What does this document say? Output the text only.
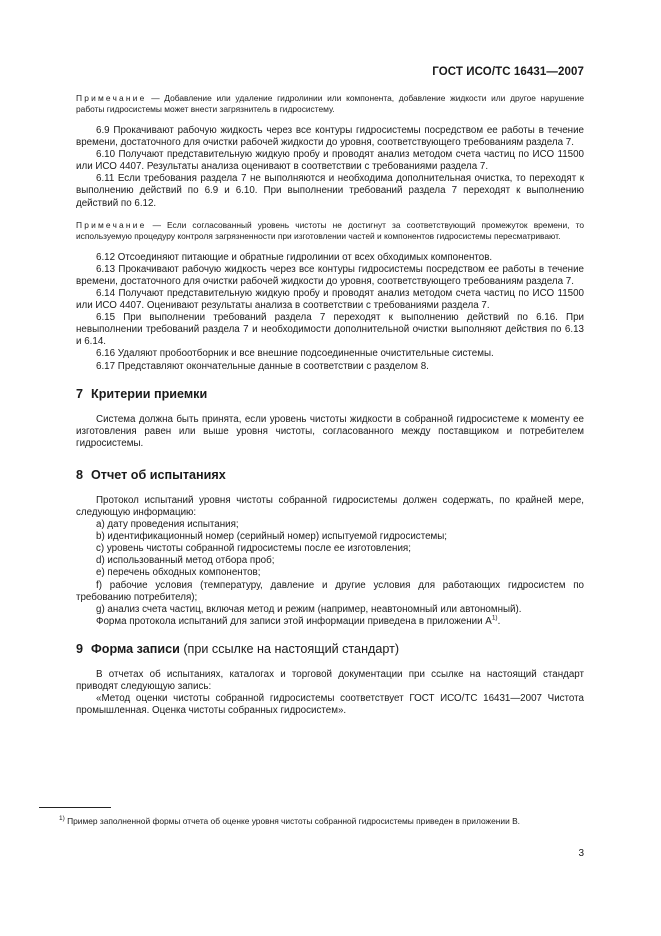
ГОСТ ИСО/ТС 16431—2007

Примечание — Добавление или удаление гидролинии или компонента, добавление жидкости или другое нарушение работы гидросистемы может внести загрязнитель в гидросистему.

6.9 Прокачивают рабочую жидкость через все контуры гидросистемы посредством ее работы в течение времени, достаточного для очистки рабочей жидкости до уровня, соответствующего требованиям раздела 7.

6.10 Получают представительную жидкую пробу и проводят анализ методом счета частиц по ИСО 11500 или ИСО 4407. Результаты анализа оценивают в соответствии с требованиями раздела 7.

6.11 Если требования раздела 7 не выполняются и необходима дополнительная очистка, то переходят к выполнению действий по 6.9 и 6.10. При выполнении требований раздела 7 переходят к выполнению действий по 6.12.

Примечание — Если согласованный уровень чистоты не достигнут за соответствующий промежуток времени, то используемую процедуру контроля загрязненности при изготовлении частей и компонентов гидросистемы пересматривают.

6.12 Отсоединяют питающие и обратные гидролинии от всех обходимых компонентов.

6.13 Прокачивают рабочую жидкость через все контуры гидросистемы посредством ее работы в течение времени, достаточного для очистки рабочей жидкости до уровня, соответствующего требованиям раздела 7.

6.14 Получают представительную жидкую пробу и проводят анализ методом счета частиц по ИСО 11500 или ИСО 4407. Оценивают результаты анализа в соответствии с требованиями раздела 7.

6.15 При выполнении требований раздела 7 переходят к выполнению действий по 6.16. При невыполнении требований раздела 7 и необходимости дополнительной очистки выполняют действия по 6.13 и 6.14.

6.16 Удаляют пробоотборник и все внешние подсоединенные очистительные системы.

6.17 Представляют окончательные данные в соответствии с разделом 8.

7 Критерии приемки

Система должна быть принята, если уровень чистоты жидкости в собранной гидросистеме к моменту ее изготовления равен или выше уровня чистоты, согласованного между поставщиком и потребителем гидросистемы.

8 Отчет об испытаниях

Протокол испытаний уровня чистоты собранной гидросистемы должен содержать, по крайней мере, следующую информацию:

a) дату проведения испытания;

b) идентификационный номер (серийный номер) испытуемой гидросистемы;

c) уровень чистоты собранной гидросистемы после ее изготовления;

d) использованный метод отбора проб;

e) перечень обходных компонентов;

f) рабочие условия (температуру, давление и другие условия для работающих гидросистем по требованию потребителя);

g) анализ счета частиц, включая метод и режим (например, неавтономный или автономный).

Форма протокола испытаний для записи этой информации приведена в приложении $А^{1)}$.

9 Форма записи (при ссылке на настоящий стандарт)

В отчетах об испытаниях, каталогах и торговой документации при ссылке на настоящий стандарт приводят следующую запись:

«Метод оценки чистоты собранной гидросистемы соответствует ГОСТ ИСО/ТС 16431—2007 Чистота промышленная. Оценка чистоты собранных гидросистем».

$^{1)}$ Пример заполненной формы отчета об оценке уровня чистоты собранной гидросистемы приведен в приложении В.

3
